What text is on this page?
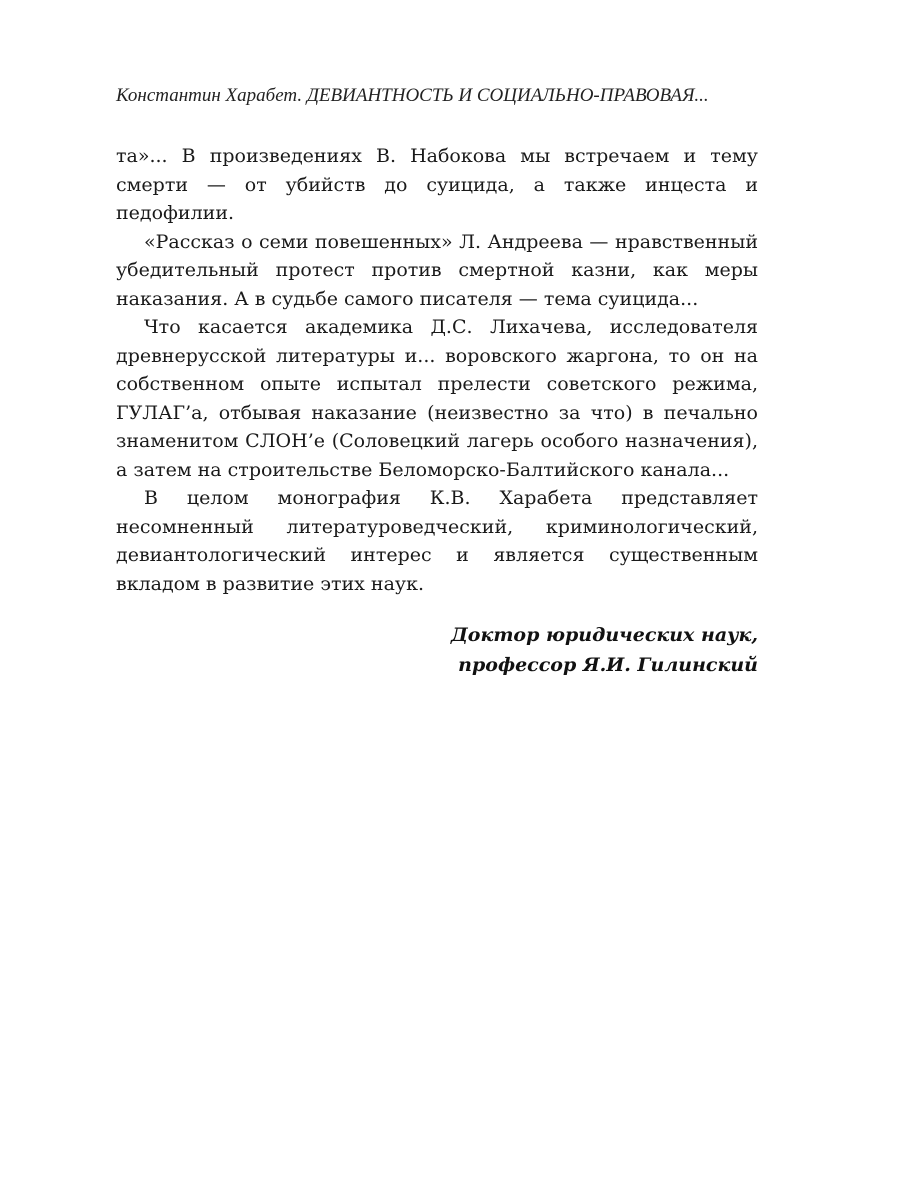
Константин Харабет. ДЕВИАНТНОСТЬ И СОЦИАЛЬНО-ПРАВОВАЯ...

та»... В произведениях В. Набокова мы встречаем и тему смерти — от убийств до суицида, а также инцеста и педофилии.

«Рассказ о семи повешенных» Л. Андреева — нравственный убедительный протест против смертной казни, как меры наказания. А в судьбе самого писателя — тема суицида...

Что касается академика Д.С. Лихачева, исследователя древнерусской литературы и... воровского жаргона, то он на собственном опыте испытал прелести советского режима, ГУЛАГ’а, отбывая наказание (неизвестно за что) в печально знаменитом СЛОН’е (Соловецкий лагерь особого назначения), а затем на строительстве Беломорско-Балтийского канала...

В целом монография К.В. Харабета представляет несомненный литературоведческий, криминологический, девиантологический интерес и является существенным вкладом в развитие этих наук.

Доктор юридических наук,
профессор Я.И. Гилинский
